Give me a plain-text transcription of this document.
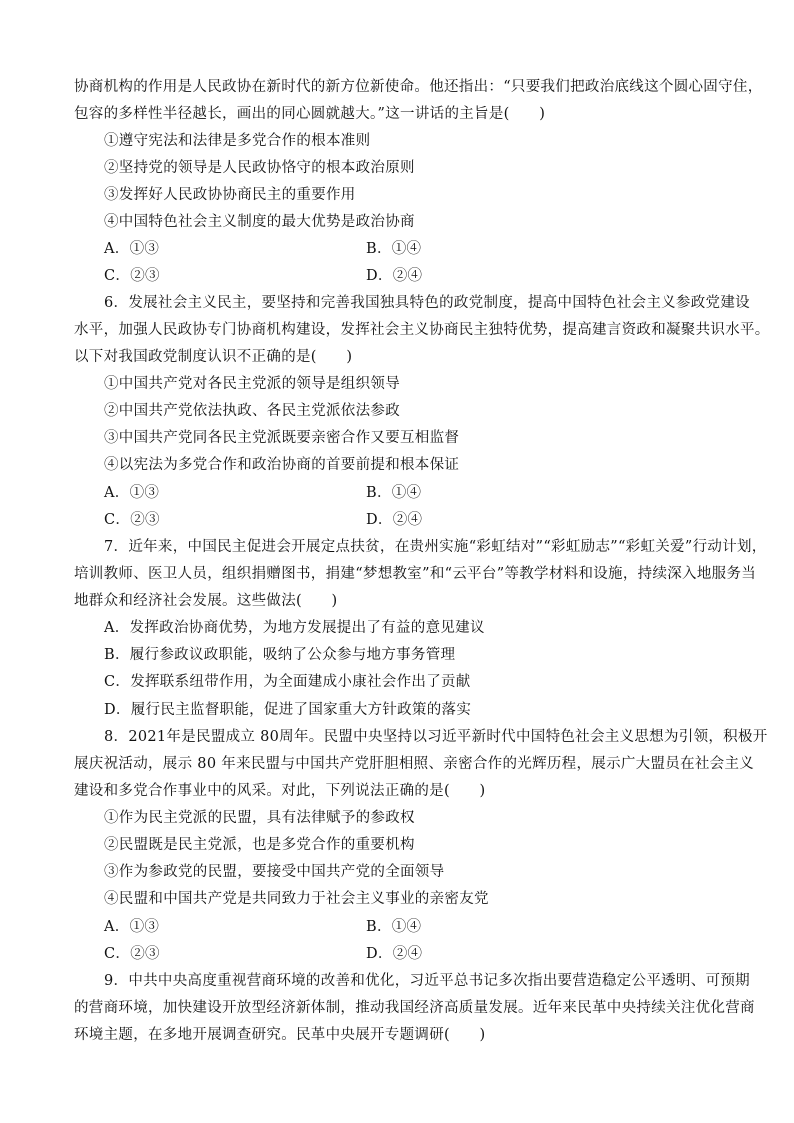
协商机构的作用是人民政协在新时代的新方位新使命。他还指出：“只要我们把政治底线这个圆心固守住，
包容的多样性半径越长，画出的同心圆就越大。”这一讲话的主旨是(　　)
①遵守宪法和法律是多党合作的根本准则
②坚持党的领导是人民政协恪守的根本政治原则
③发挥好人民政协协商民主的重要作用
④中国特色社会主义制度的最大优势是政治协商
A．①③	B．①④
C．②③	D．②④
6．发展社会主义民主，要坚持和完善我国独具特色的政党制度，提高中国特色社会主义参政党建设
水平，加强人民政协专门协商机构建设，发挥社会主义协商民主独特优势，提高建言资政和凝聚共识水平。
以下对我国政党制度认识不正确的是(　　)
①中国共产党对各民主党派的领导是组织领导
②中国共产党依法执政、各民主党派依法参政
③中国共产党同各民主党派既要亲密合作又要互相监督
④以宪法为多党合作和政治协商的首要前提和根本保证
A．①③	B．①④
C．②③	D．②④
7．近年来，中国民主促进会开展定点扶贫，在贵州实施“彩虹结对”“彩虹励志”“彩虹关爱”行动计划，
培训教师、医卫人员，组织捐赠图书，捐建“梦想教室”和“云平台”等教学材料和设施，持续深入地服务当
地群众和经济社会发展。这些做法(　　)
A．发挥政治协商优势，为地方发展提出了有益的意见建议
B．履行参政议政职能，吸纳了公众参与地方事务管理
C．发挥联系纽带作用，为全面建成小康社会作出了贡献
D．履行民主监督职能，促进了国家重大方针政策的落实
8．2021年是民盟成立 80周年。民盟中央坚持以习近平新时代中国特色社会主义思想为引领，积极开
展庆祝活动，展示 80 年来民盟与中国共产党肝胆相照、亲密合作的光辉历程，展示广大盟员在社会主义
建设和多党合作事业中的风采。对此，下列说法正确的是(　　)
①作为民主党派的民盟，具有法律赋予的参政权
②民盟既是民主党派，也是多党合作的重要机构
③作为参政党的民盟，要接受中国共产党的全面领导
④民盟和中国共产党是共同致力于社会主义事业的亲密友党
A．①③	B．①④
C．②③	D．②④
9．中共中央高度重视营商环境的改善和优化，习近平总书记多次指出要营造稳定公平透明、可预期
的营商环境，加快建设开放型经济新体制，推动我国经济高质量发展。近年来民革中央持续关注优化营商
环境主题，在多地开展调查研究。民革中央展开专题调研(　　)
